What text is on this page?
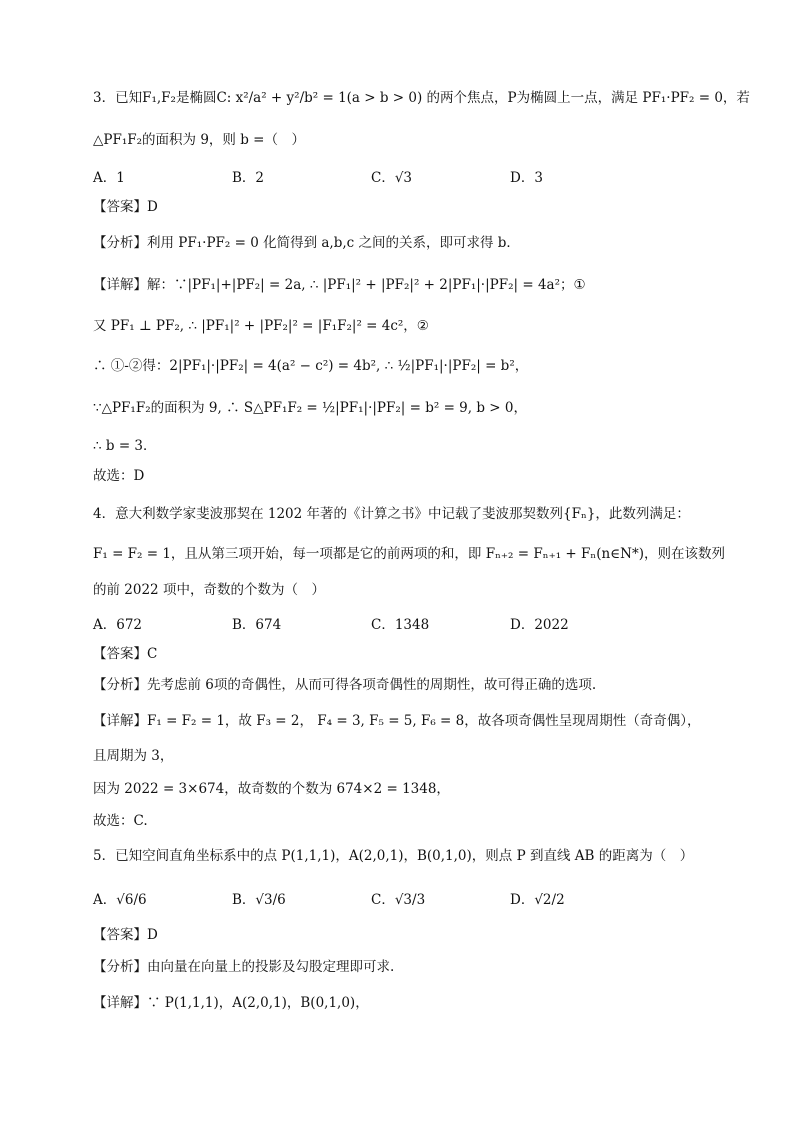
3．已知F₁,F₂是椭圆C: x²/a² + y²/b² = 1(a > b > 0) 的两个焦点，P为椭圆上一点，满足 PF₁·PF₂ = 0，若
△PF₁F₂的面积为 9，则 b =（　）
A．1	B．2	C．√3	D．3
【答案】D
【分析】利用 PF₁·PF₂ = 0 化简得到 a,b,c 之间的关系，即可求得 b．
【详解】解：∵|PF₁|+|PF₂| = 2a, ∴ |PF₁|² + |PF₂|² + 2|PF₁|·|PF₂| = 4a²；①
又 PF₁ ⊥ PF₂, ∴ |PF₁|² + |PF₂|² = |F₁F₂|² = 4c²，②
∴ ①-②得：2|PF₁|·|PF₂| = 4(a² − c²) = 4b², ∴ ½|PF₁|·|PF₂| = b²，
∵△PF₁F₂的面积为 9, ∴ S△PF₁F₂ = ½|PF₁|·|PF₂| = b² = 9, b > 0，
∴ b = 3．
故选：D
4．意大利数学家斐波那契在 1202 年著的《计算之书》中记载了斐波那契数列{Fₙ}，此数列满足：
F₁ = F₂ = 1，且从第三项开始，每一项都是它的前两项的和，即 Fₙ₊₂ = Fₙ₊₁ + Fₙ(n∈N*)，则在该数列
的前 2022 项中，奇数的个数为（　）
A．672	B．674	C．1348	D．2022
【答案】C
【分析】先考虑前 6项的奇偶性，从而可得各项奇偶性的周期性，故可得正确的选项.
【详解】F₁ = F₂ = 1，故 F₃ = 2， F₄ = 3, F₅ = 5, F₆ = 8，故各项奇偶性呈现周期性（奇奇偶），
且周期为 3，
因为 2022 = 3×674，故奇数的个数为 674×2 = 1348，
故选：C.
5．已知空间直角坐标系中的点 P(1,1,1)，A(2,0,1)，B(0,1,0)，则点 P 到直线 AB 的距离为（　）
A．√6/6	B．√3/6	C．√3/3	D．√2/2
【答案】D
【分析】由向量在向量上的投影及勾股定理即可求.
【详解】∵ P(1,1,1)，A(2,0,1)，B(0,1,0)，
